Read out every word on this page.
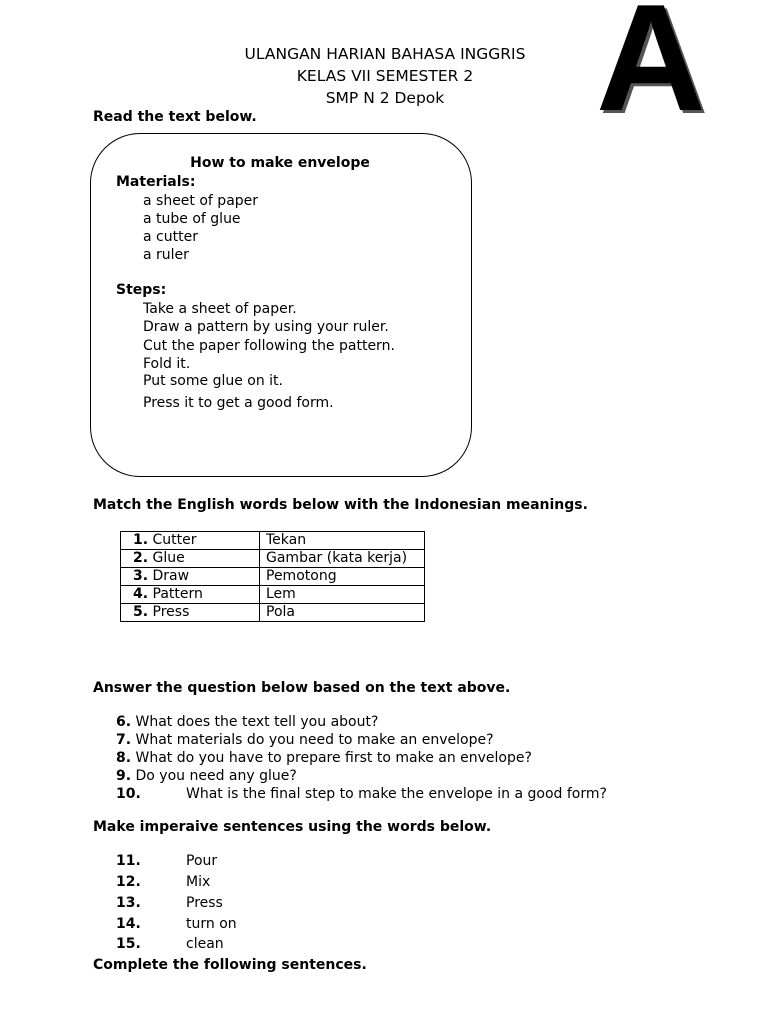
ULANGAN HARIAN BAHASA INGGRIS
KELAS VII SEMESTER 2
SMP N 2 Depok A
Read the text below.
How to make envelope
Materials:
a sheet of paper
a tube of glue
a cutter
a ruler
Steps:
Take a sheet of paper.
Draw a pattern by using your ruler.
Cut the paper following the pattern.
Fold it.
Put some glue on it.
Press it to get a good form.
Match the English words below with the Indonesian meanings.
1. Cutter	Tekan
2. Glue	Gambar (kata kerja)
3. Draw	Pemotong
4. Pattern	Lem
5. Press	Pola
Answer the question below based on the text above.
6. What does the text tell you about?
7. What materials do you need to make an envelope?
8. What do you have to prepare first to make an envelope?
9. Do you need any glue?
10.	What is the final step to make the envelope in a good form?
Make imperaive sentences using the words below.
11.	Pour
12.	Mix
13.	Press
14.	turn on
15.	clean
Complete the following sentences.
